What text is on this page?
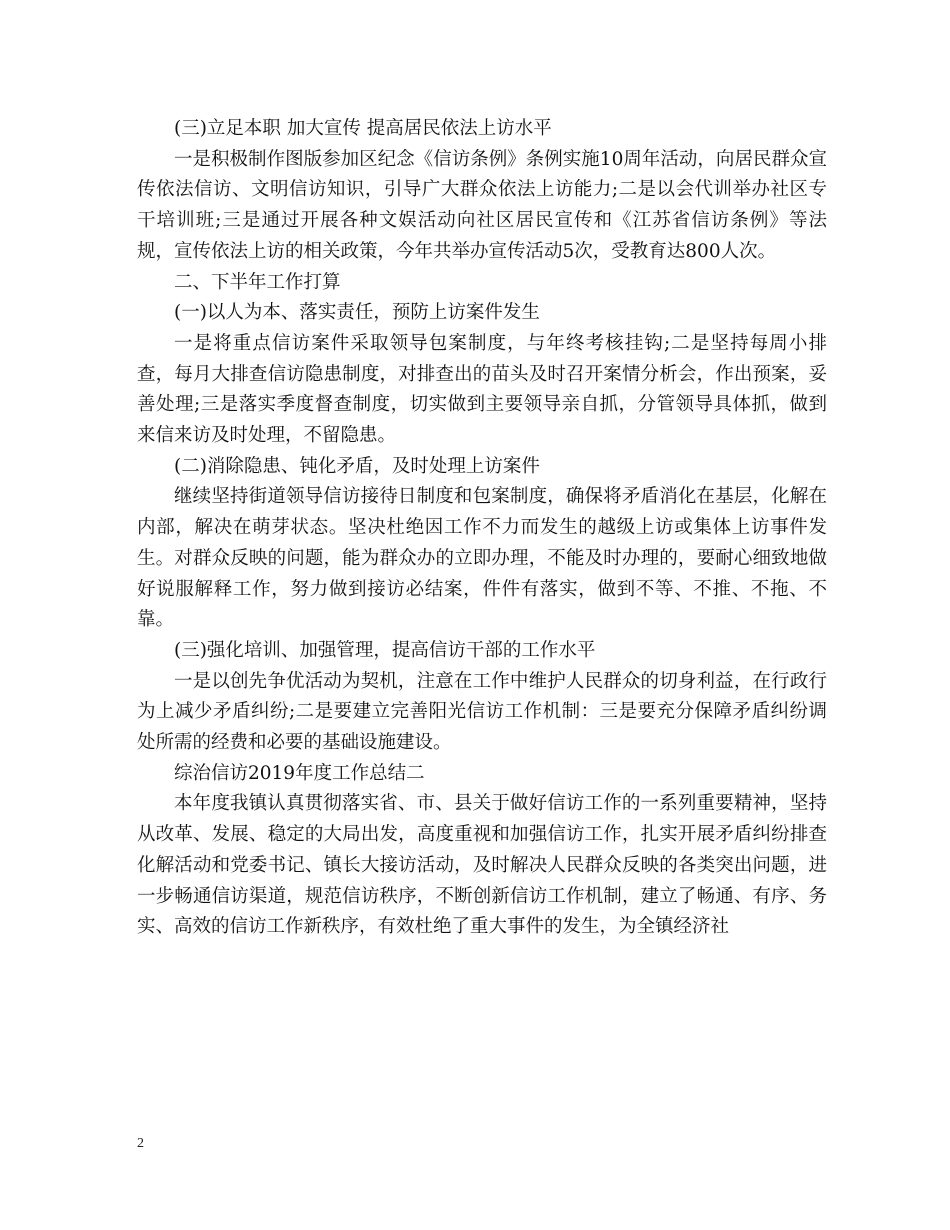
(三)立足本职 加大宣传 提高居民依法上访水平

一是积极制作图版参加区纪念《信访条例》条例实施10周年活动，向居民群众宣传依法信访、文明信访知识，引导广大群众依法上访能力;二是以会代训举办社区专干培训班;三是通过开展各种文娱活动向社区居民宣传和《江苏省信访条例》等法规，宣传依法上访的相关政策，今年共举办宣传活动5次，受教育达800人次。

二、下半年工作打算

(一)以人为本、落实责任，预防上访案件发生

一是将重点信访案件采取领导包案制度，与年终考核挂钩;二是坚持每周小排查，每月大排查信访隐患制度，对排查出的苗头及时召开案情分析会，作出预案，妥善处理;三是落实季度督查制度，切实做到主要领导亲自抓，分管领导具体抓，做到来信来访及时处理，不留隐患。

(二)消除隐患、钝化矛盾，及时处理上访案件

继续坚持街道领导信访接待日制度和包案制度，确保将矛盾消化在基层，化解在内部，解决在萌芽状态。坚决杜绝因工作不力而发生的越级上访或集体上访事件发生。对群众反映的问题，能为群众办的立即办理，不能及时办理的，要耐心细致地做好说服解释工作，努力做到接访必结案，件件有落实，做到不等、不推、不拖、不靠。

(三)强化培训、加强管理，提高信访干部的工作水平

一是以创先争优活动为契机，注意在工作中维护人民群众的切身利益，在行政行为上减少矛盾纠纷;二是要建立完善阳光信访工作机制：三是要充分保障矛盾纠纷调处所需的经费和必要的基础设施建设。

综治信访2019年度工作总结二

本年度我镇认真贯彻落实省、市、县关于做好信访工作的一系列重要精神，坚持从改革、发展、稳定的大局出发，高度重视和加强信访工作，扎实开展矛盾纠纷排查化解活动和党委书记、镇长大接访活动，及时解决人民群众反映的各类突出问题，进一步畅通信访渠道，规范信访秩序，不断创新信访工作机制，建立了畅通、有序、务实、高效的信访工作新秩序，有效杜绝了重大事件的发生，为全镇经济社

2
